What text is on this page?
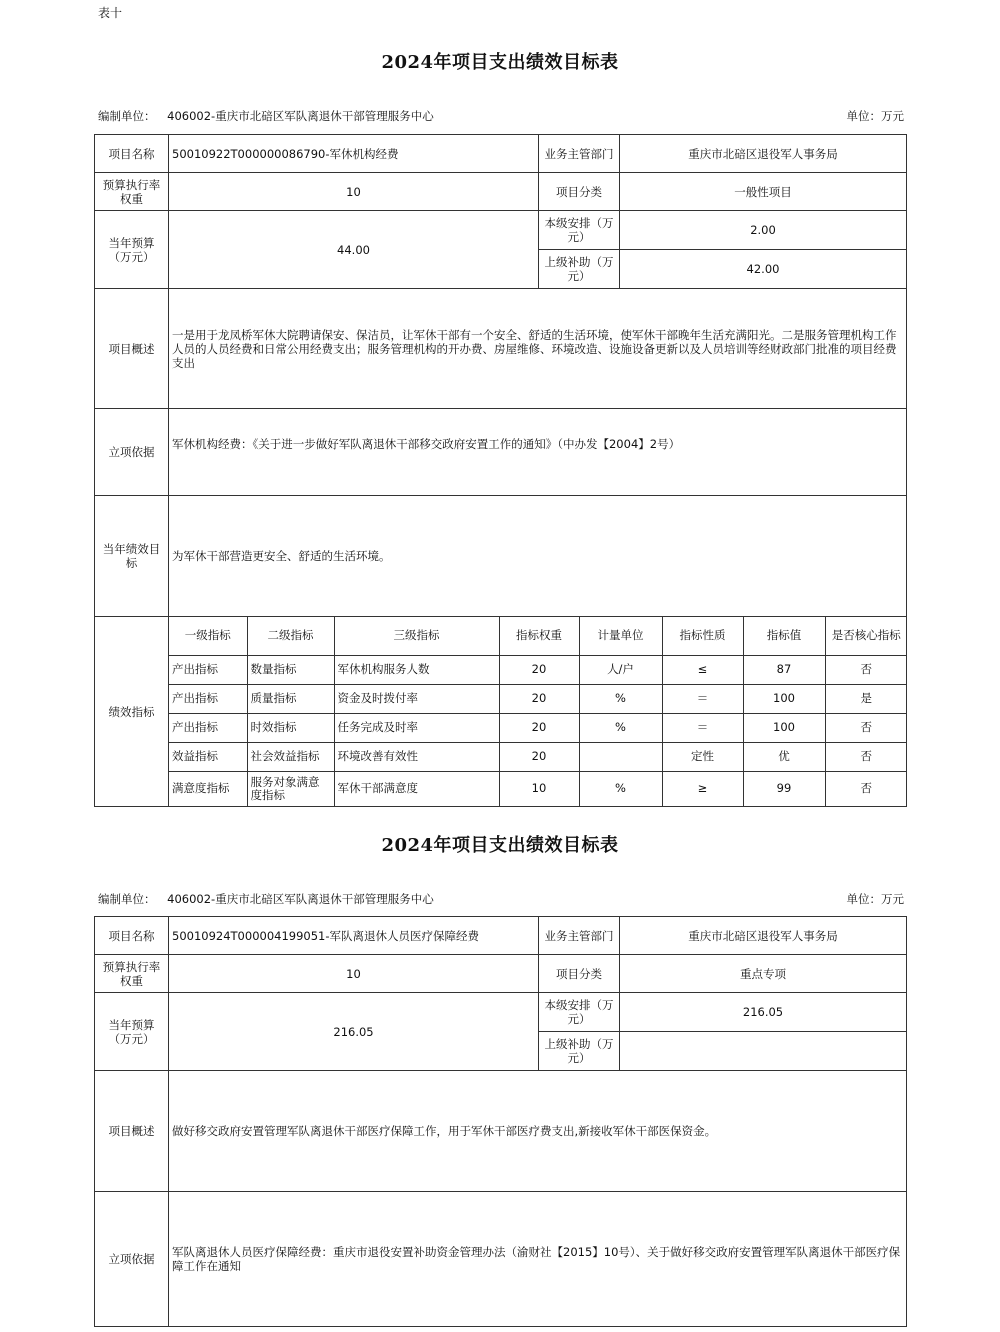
表十
2024年项目支出绩效目标表
编制单位： 406002-重庆市北碚区军队离退休干部管理服务中心	单位：万元
项目名称	50010922T000000086790-军休机构经费	业务主管部门	重庆市北碚区退役军人事务局
预算执行率权重	10	项目分类	一般性项目
当年预算（万元）	44.00	本级安排（万元）	2.00
上级补助（万元）	42.00
项目概述	一是用于龙凤桥军休大院聘请保安、保洁员，让军休干部有一个安全、舒适的生活环境，使军休干部晚年生活充满阳光。二是服务管理机构工作人员的人员经费和日常公用经费支出；服务管理机构的开办费、房屋维修、环境改造、设施设备更新以及人员培训等经财政部门批准的项目经费支出
立项依据	军休机构经费：《关于进一步做好军队离退休干部移交政府安置工作的通知》（中办发【2004】2号）
当年绩效目标	为军休干部营造更安全、舒适的生活环境。
绩效指标	
一级指标	二级指标	三级指标	指标权重	计量单位	指标性质	指标值	是否核心指标
产出指标	数量指标	军休机构服务人数	20	人/户	≤	87	否
产出指标	质量指标	资金及时拨付率	20	%	＝	100	是
产出指标	时效指标	任务完成及时率	20	%	＝	100	否
效益指标	社会效益指标	环境改善有效性	20		定性	优	否
满意度指标	服务对象满意度指标	军休干部满意度	10	%	≥	99	否
2024年项目支出绩效目标表
编制单位： 406002-重庆市北碚区军队离退休干部管理服务中心	单位：万元
项目名称	50010924T000004199051-军队离退休人员医疗保障经费	业务主管部门	重庆市北碚区退役军人事务局
预算执行率权重	10	项目分类	重点专项
当年预算（万元）	216.05	本级安排（万元）	216.05
		上级补助（万元）	
项目概述	做好移交政府安置管理军队离退休干部医疗保障工作，用于军休干部医疗费支出,新接收军休干部医保资金。		
立项依据	军队离退休人员医疗保障经费：重庆市退役安置补助资金管理办法（渝财社【2015】10号）、关于做好移交政府安置管理军队离退休干部医疗保障工作在通知		
